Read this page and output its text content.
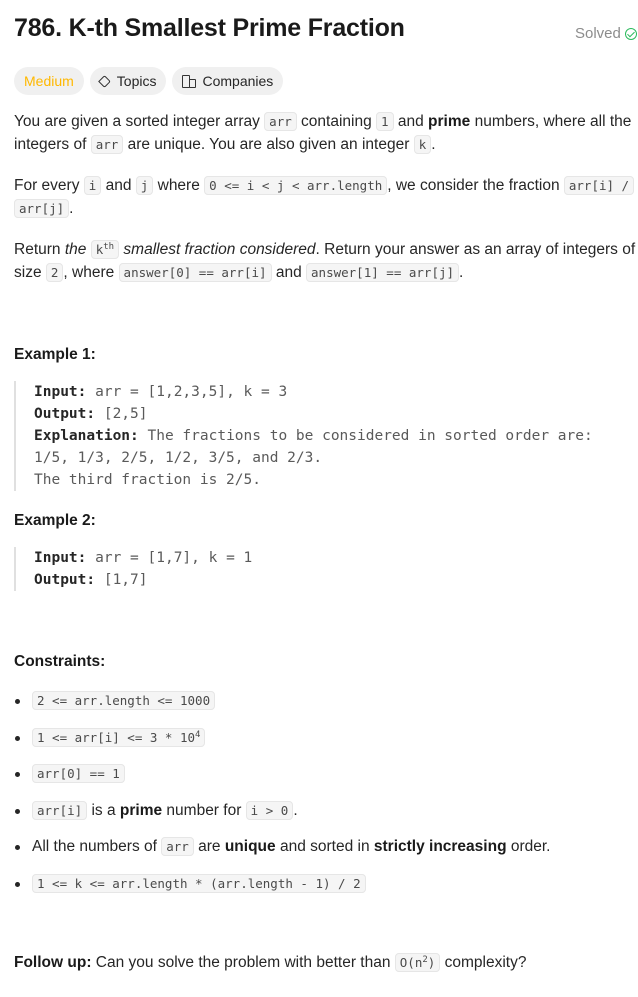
786. K-th Smallest Prime Fraction	Solved
Medium	Topics	Companies

You are given a sorted integer array arr containing 1 and prime numbers, where all the integers of arr are unique. You are also given an integer k .

For every i and j where 0 <= i < j < arr.length , we consider the fraction arr[i] /
arr[j] .

Return the $k^{th}$ smallest fraction considered. Return your answer as an array of integers of size 2 , where answer[0] == arr[i] and answer[1] == arr[j] .

Example 1:
Input: arr = [1,2,3,5], k = 3
Output: [2,5]
Explanation: The fractions to be considered in sorted order are:
1/5, 1/3, 2/5, 1/2, 3/5, and 2/3.
The third fraction is 2/5.
Example 2:
Input: arr = [1,7], k = 1
Output: [1,7]
Constraints:
2 <= arr.length <= 1000
$1 <= arr[i] <= 3 * 10^4$
arr[0] == 1
arr[i] is a prime number for i > 0 .
All the numbers of arr are unique and sorted in strictly increasing order.
1 <= k <= arr.length * (arr.length - 1) / 2

Follow up: Can you solve the problem with better than $O(n^2)$ complexity?
